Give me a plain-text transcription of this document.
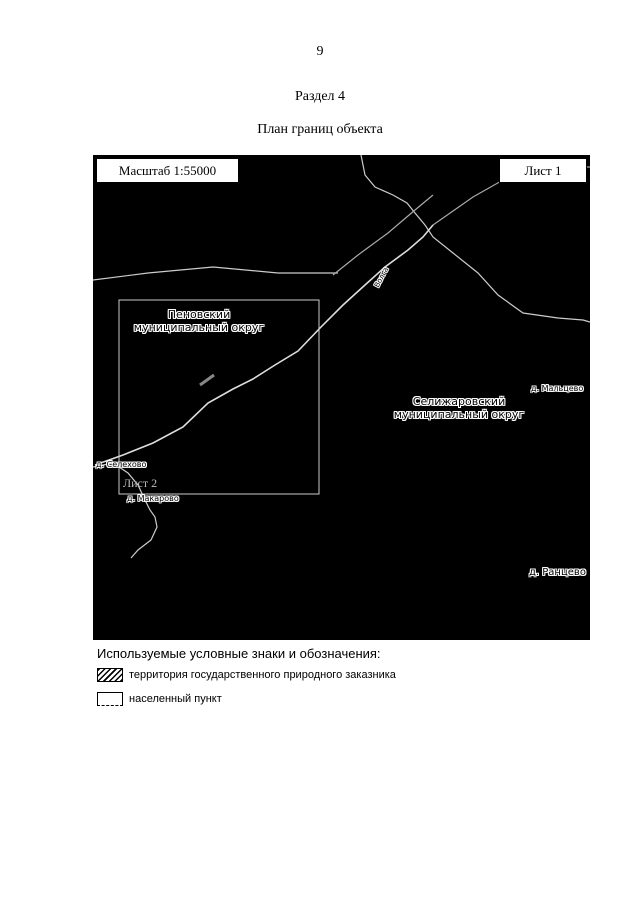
9
Раздел 4
План границ объекта
Масштаб 1:55000	Лист 1
Пеновский
муниципальный округ
Селижаровский
муниципальный округ
д. Селехово
д. Макарово
д. Мальцево
д. Ранцево
Волга
Лист 2
Используемые условные знаки и обозначения:
территория государственного природного заказника
населенный пункт
